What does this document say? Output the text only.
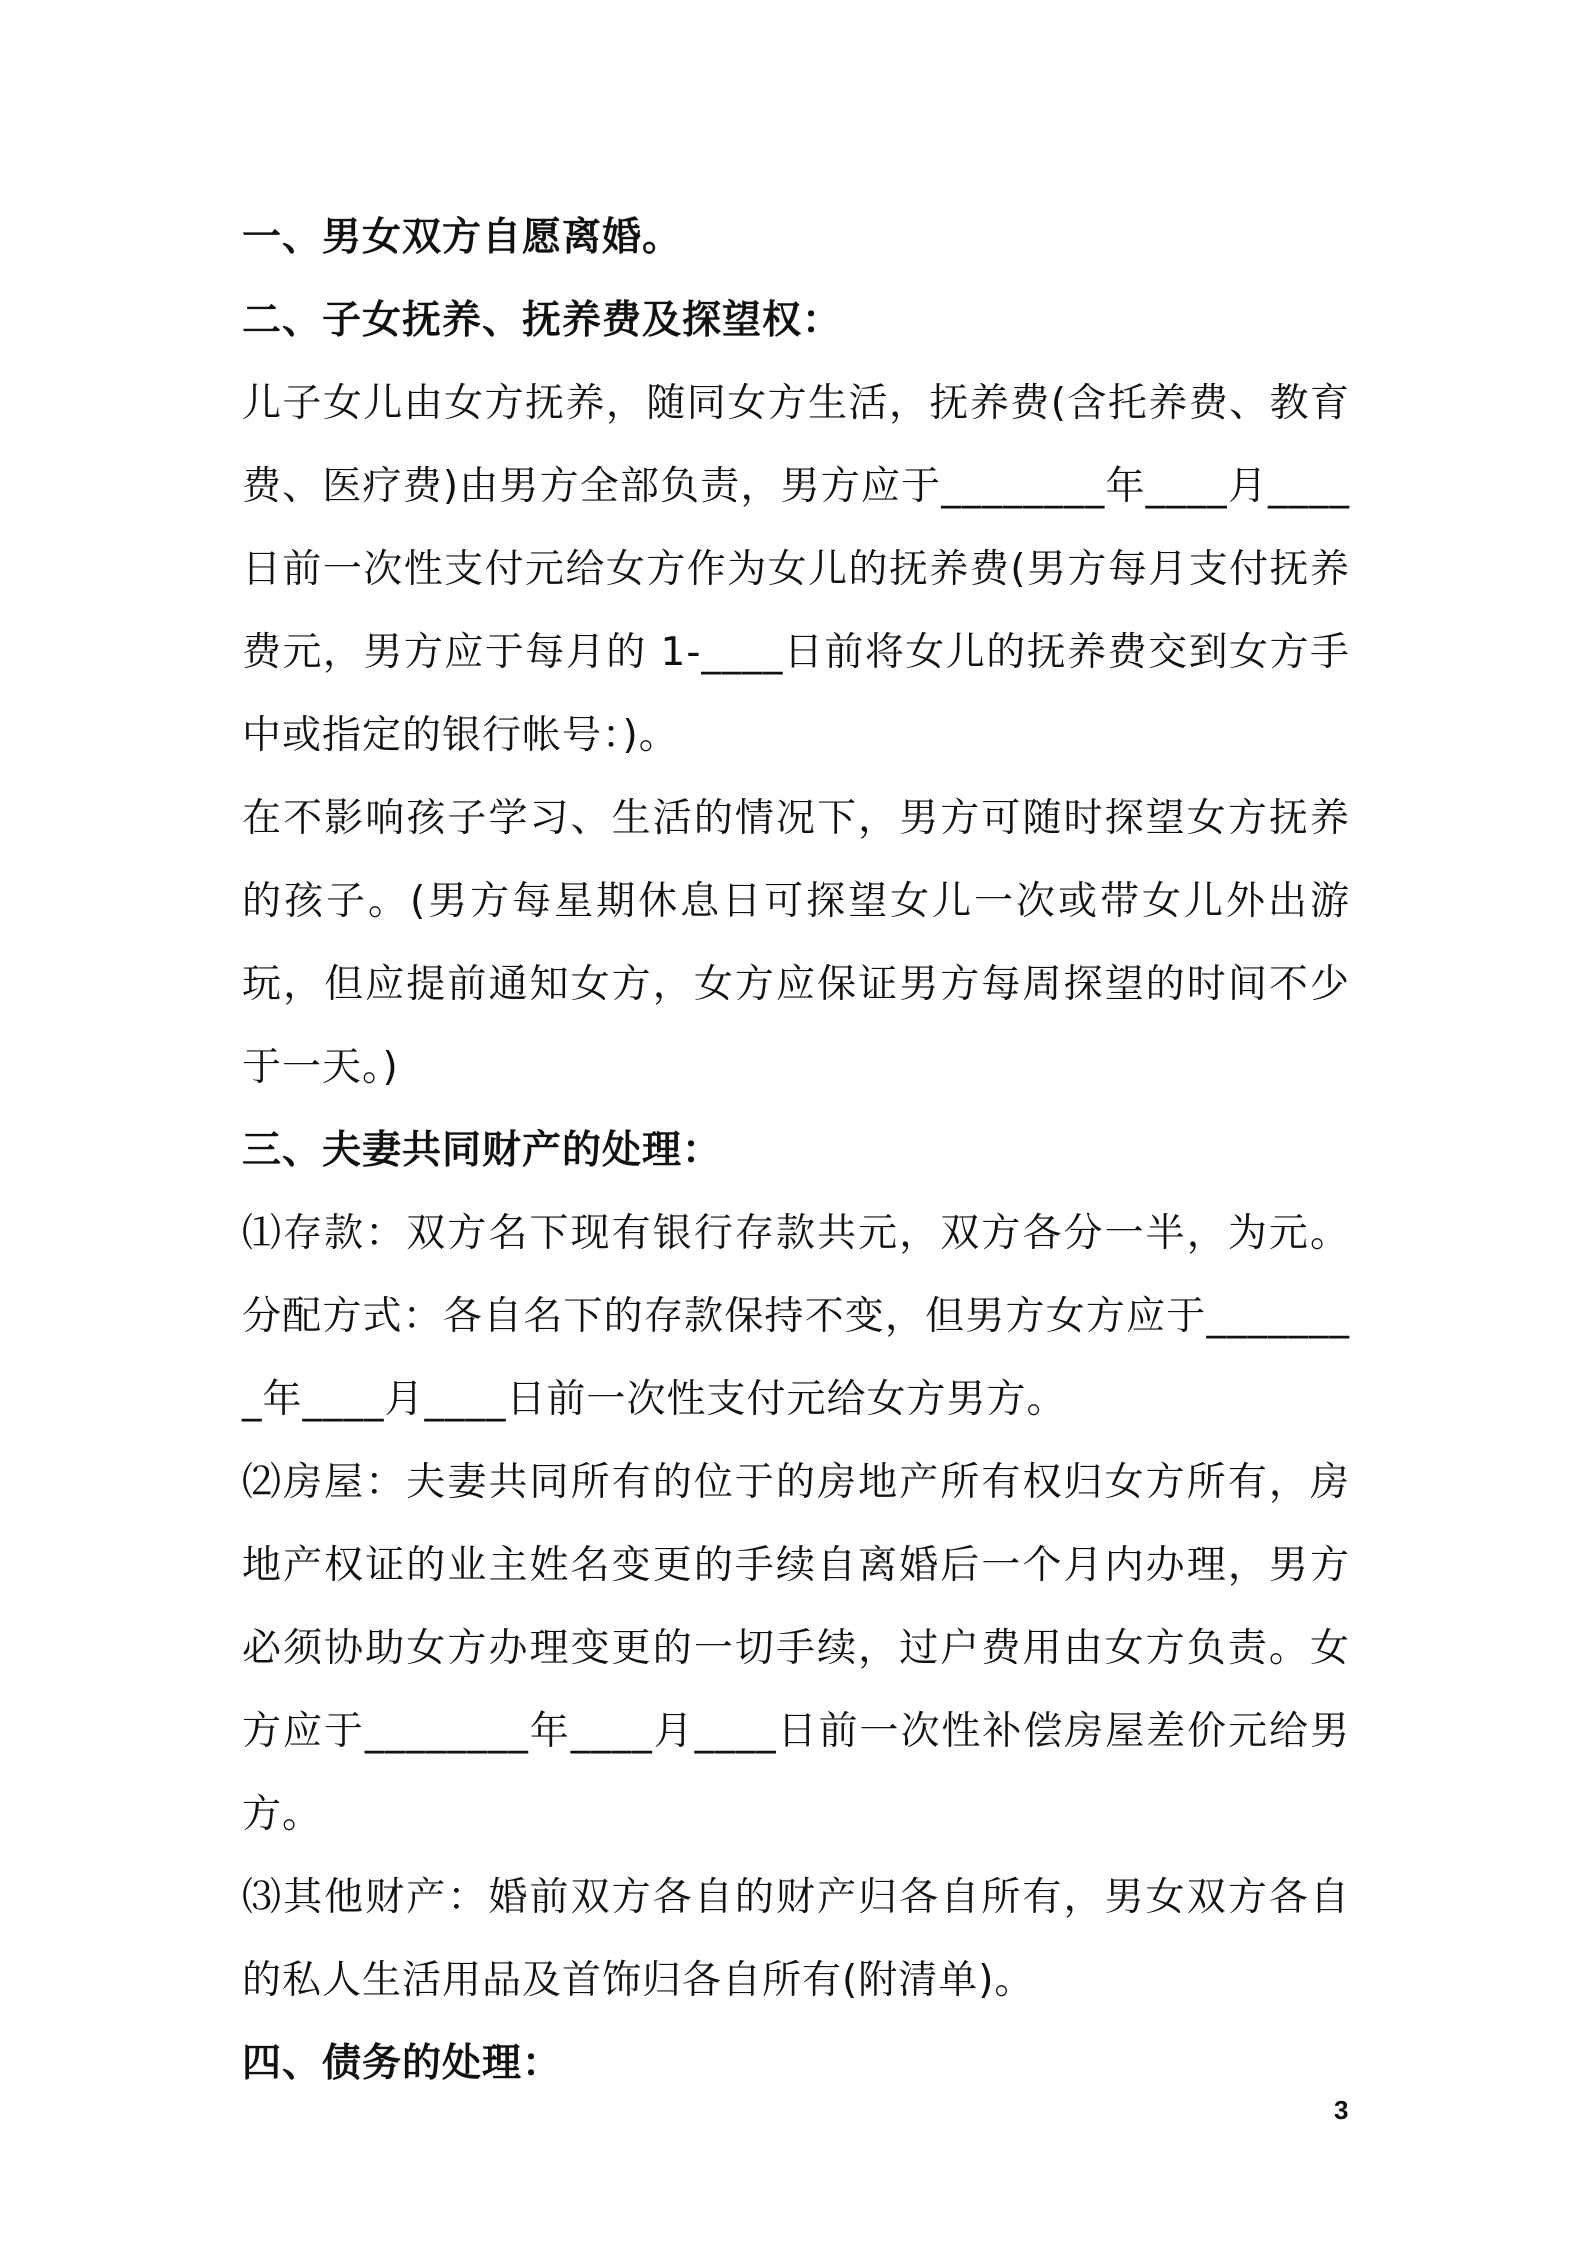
一、男女双方自愿离婚。

二、子女抚养、抚养费及探望权：

儿子女儿由女方抚养，随同女方生活，抚养费(含托养费、教育费、医疗费)由男方全部负责，男方应于________年____月____日前一次性支付元给女方作为女儿的抚养费(男方每月支付抚养费元，男方应于每月的 1-____日前将女儿的抚养费交到女方手中或指定的银行帐号：)。

在不影响孩子学习、生活的情况下，男方可随时探望女方抚养的孩子。(男方每星期休息日可探望女儿一次或带女儿外出游玩，但应提前通知女方，女方应保证男方每周探望的时间不少于一天。)

三、夫妻共同财产的处理：

⑴存款：双方名下现有银行存款共元，双方各分一半，为元。分配方式：各自名下的存款保持不变，但男方女方应于________年____月____日前一次性支付元给女方男方。

⑵房屋：夫妻共同所有的位于的房地产所有权归女方所有，房地产权证的业主姓名变更的手续自离婚后一个月内办理，男方必须协助女方办理变更的一切手续，过户费用由女方负责。女方应于________年____月____日前一次性补偿房屋差价元给男方。

⑶其他财产：婚前双方各自的财产归各自所有，男女双方各自的私人生活用品及首饰归各自所有(附清单)。

四、债务的处理：

3
